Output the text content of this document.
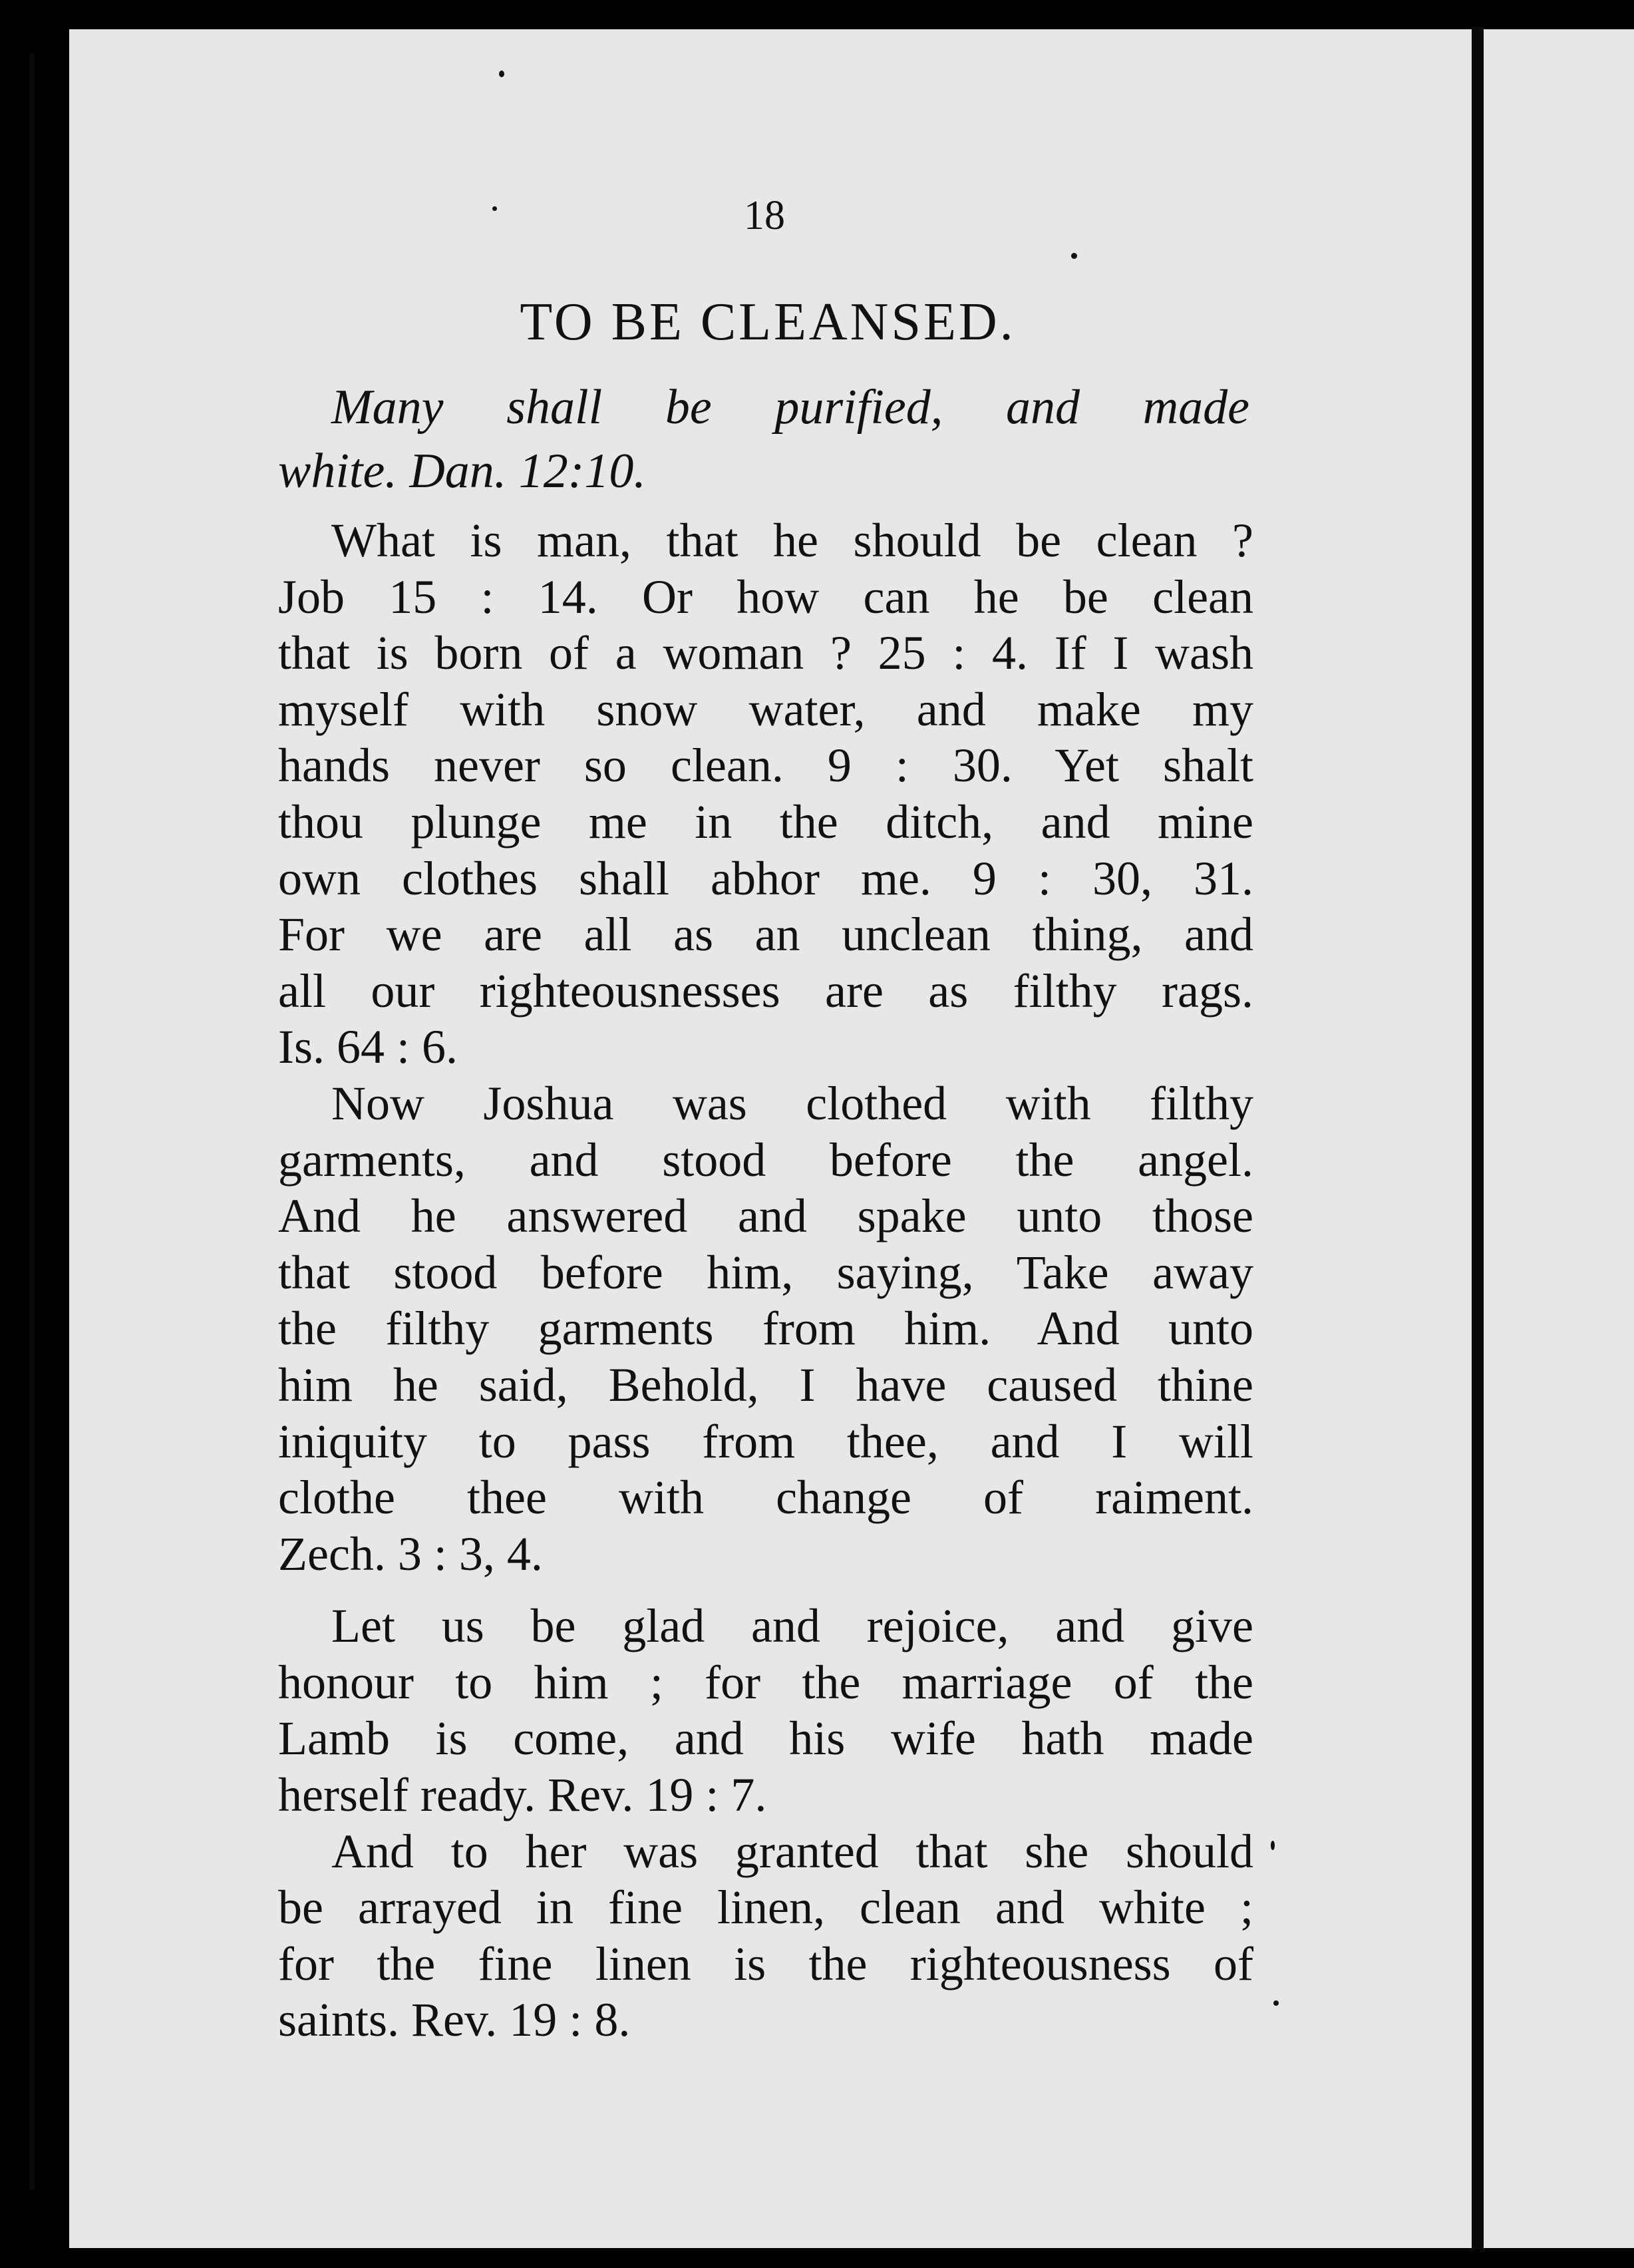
18
TO BE CLEANSED.
Many shall be purified, and made
white. Dan. 12:10.
What is man, that he should be clean ?
Job 15 : 14. Or how can he be clean
that is born of a woman ? 25 : 4. If I wash
myself with snow water, and make my
hands never so clean. 9 : 30. Yet shalt
thou plunge me in the ditch, and mine
own clothes shall abhor me. 9 : 30, 31.
For we are all as an unclean thing, and
all our righteousnesses are as filthy rags.
Is. 64 : 6.
Now Joshua was clothed with filthy
garments, and stood before the angel.
And he answered and spake unto those
that stood before him, saying, Take away
the filthy garments from him. And unto
him he said, Behold, I have caused thine
iniquity to pass from thee, and I will
clothe thee with change of raiment.
Zech. 3 : 3, 4.
Let us be glad and rejoice, and give
honour to him ; for the marriage of the
Lamb is come, and his wife hath made
herself ready. Rev. 19 : 7.
And to her was granted that she should
be arrayed in fine linen, clean and white ;
for the fine linen is the righteousness of
saints. Rev. 19 : 8.
